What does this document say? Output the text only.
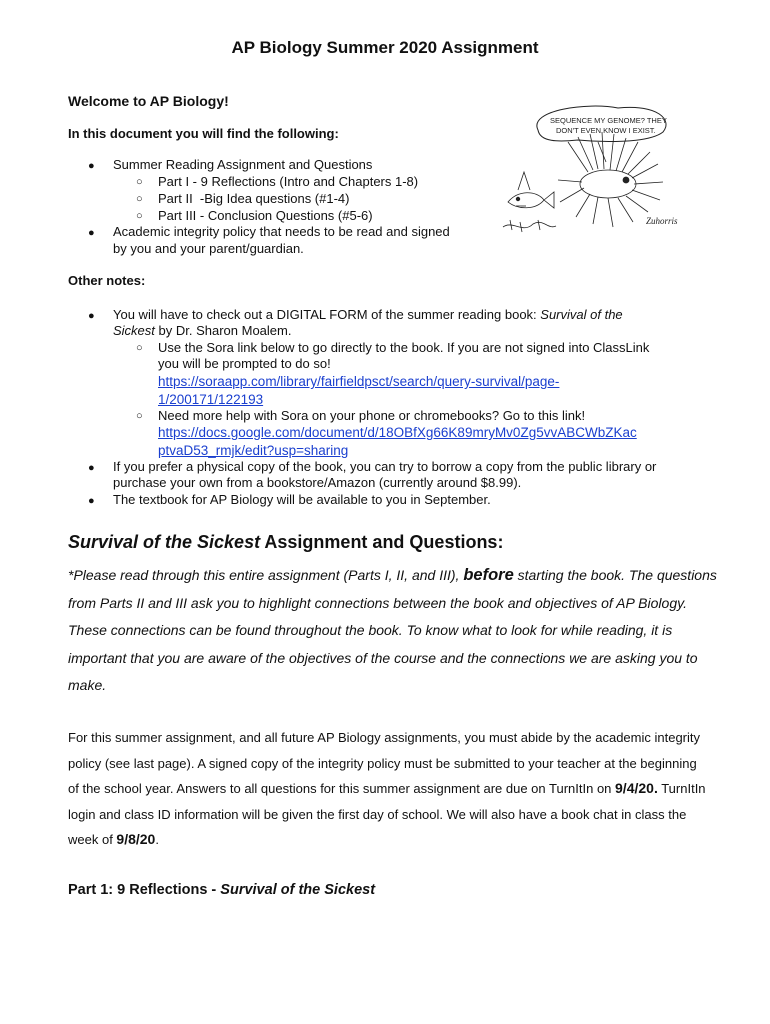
AP Biology Summer 2020 Assignment
Welcome to AP Biology!
In this document you will find the following:
● Summer Reading Assignment and Questions
○ Part I - 9 Reflections (Intro and Chapters 1-8)
○ Part II  -Big Idea questions (#1-4)
○ Part III - Conclusion Questions (#5-6)
● Academic integrity policy that needs to be read and signed
by you and your parent/guardian.
SEQUENCE MY GENOME? THEY
DON'T EVEN KNOW I EXIST.
Zuhorris
Other notes:
● You will have to check out a DIGITAL FORM of the summer reading book: Survival of the
Sickest by Dr. Sharon Moalem.
○ Use the Sora link below to go directly to the book. If you are not signed into ClassLink
you will be prompted to do so!
https://soraapp.com/library/fairfieldpsct/search/query-survival/page-
1/200171/122193
○ Need more help with Sora on your phone or chromebooks? Go to this link!
https://docs.google.com/document/d/18OBfXg66K89mryMv0Zg5vvABCWbZKac
ptvaD53_rmjk/edit?usp=sharing
● If you prefer a physical copy of the book, you can try to borrow a copy from the public library or
purchase your own from a bookstore/Amazon (currently around $8.99).
● The textbook for AP Biology will be available to you in September.
Survival of the Sickest Assignment and Questions:
*Please read through this entire assignment (Parts I, II, and III), before starting the book. The questions from Parts II and III ask you to highlight connections between the book and objectives of AP Biology. These connections can be found throughout the book. To know what to look for while reading, it is important that you are aware of the objectives of the course and the connections we are asking you to make.
For this summer assignment, and all future AP Biology assignments, you must abide by the academic integrity policy (see last page). A signed copy of the integrity policy must be submitted to your teacher at the beginning of the school year. Answers to all questions for this summer assignment are due on TurnItIn on 9/4/20. TurnItIn login and class ID information will be given the first day of school. We will also have a book chat in class the week of 9/8/20.
Part 1: 9 Reflections - Survival of the Sickest
